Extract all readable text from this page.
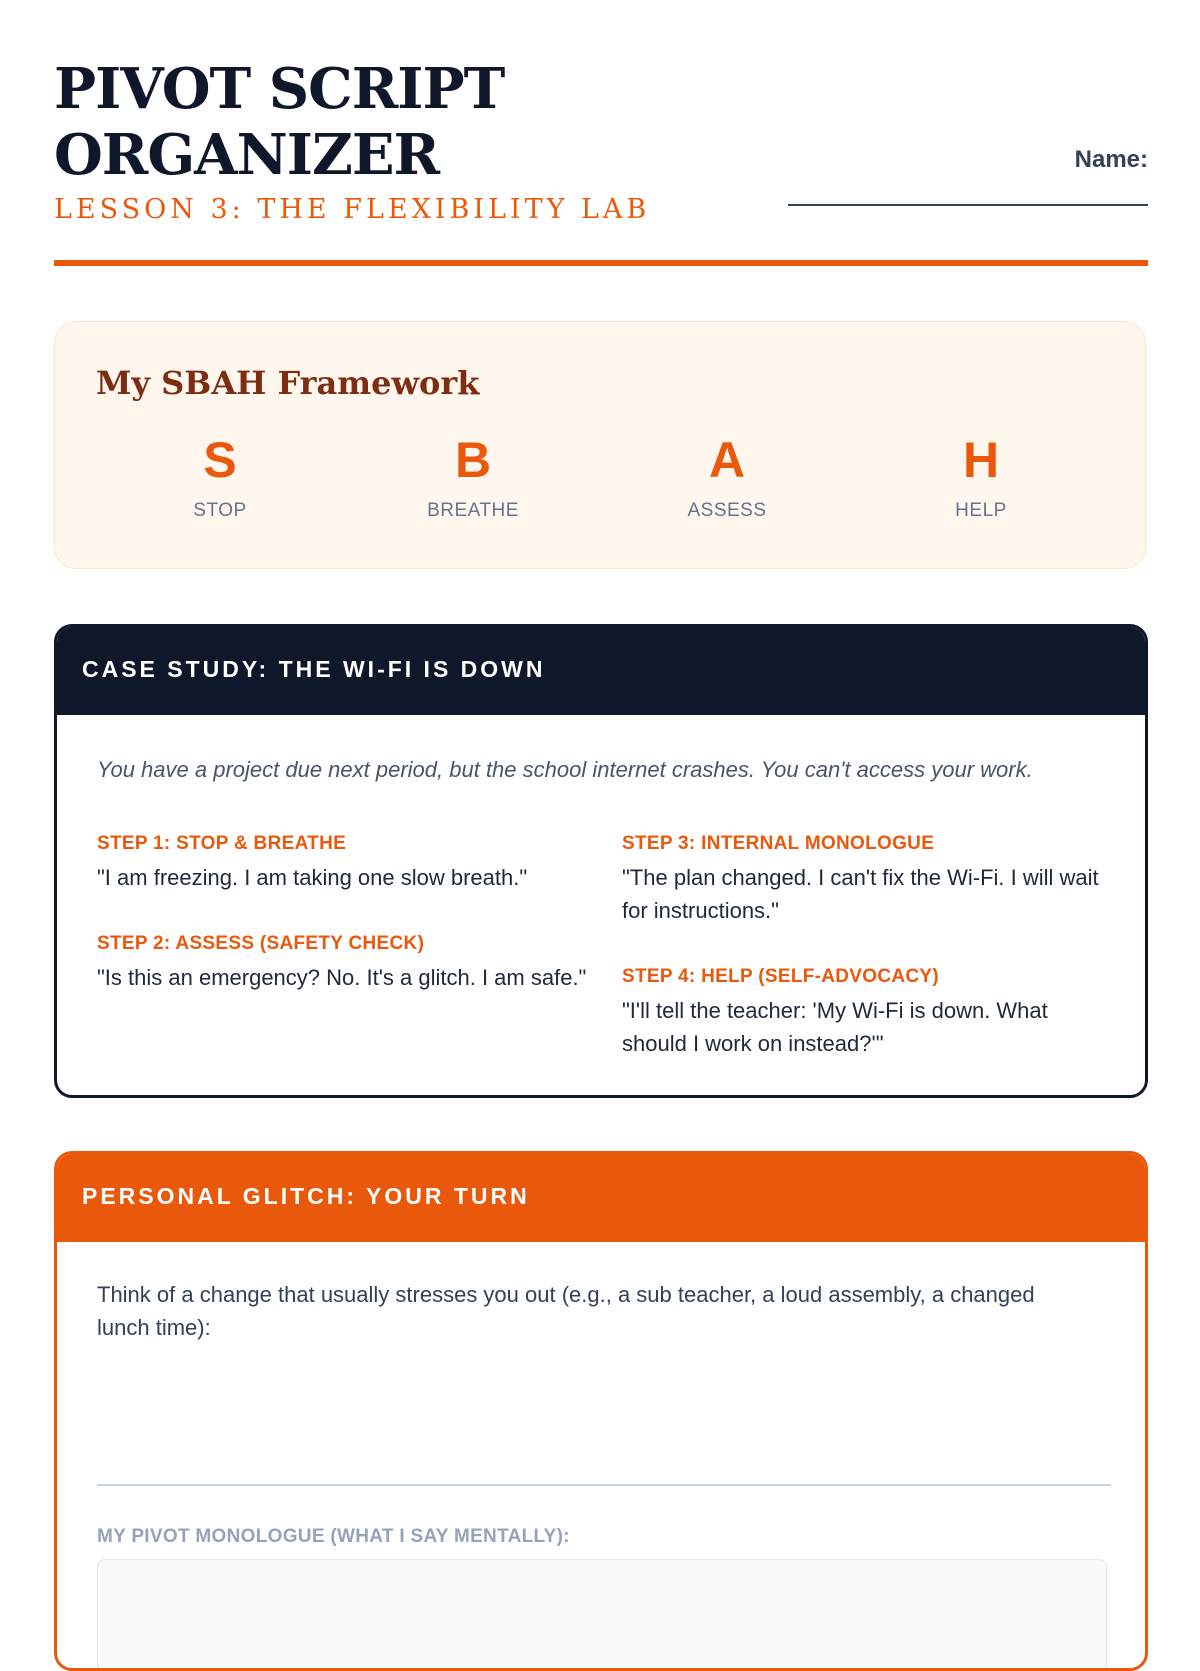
PIVOT SCRIPT ORGANIZER
LESSON 3: THE FLEXIBILITY LAB
Name:
My SBAH Framework
S
STOP
B
BREATHE
A
ASSESS
H
HELP
CASE STUDY: THE WI-FI IS DOWN
You have a project due next period, but the school internet crashes. You can't access your work.
STEP 1: STOP & BREATHE
"I am freezing. I am taking one slow breath."
STEP 2: ASSESS (SAFETY CHECK)
"Is this an emergency? No. It's a glitch. I am safe."
STEP 3: INTERNAL MONOLOGUE
"The plan changed. I can't fix the Wi-Fi. I will wait for instructions."
STEP 4: HELP (SELF-ADVOCACY)
"I'll tell the teacher: 'My Wi-Fi is down. What should I work on instead?'"
PERSONAL GLITCH: YOUR TURN
Think of a change that usually stresses you out (e.g., a sub teacher, a loud assembly, a changed lunch time):
MY PIVOT MONOLOGUE (WHAT I SAY MENTALLY):
